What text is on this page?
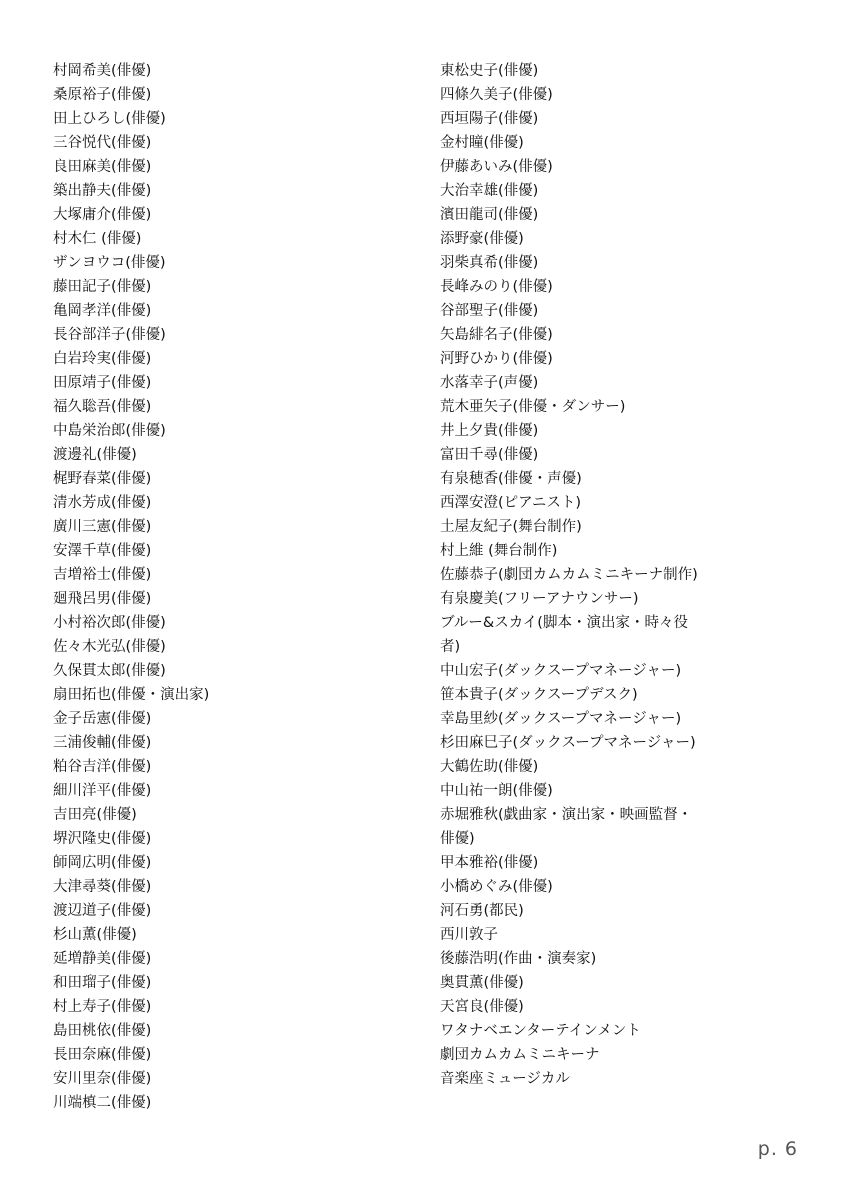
村岡希美(俳優)
桑原裕子(俳優)
田上ひろし(俳優)
三谷悦代(俳優)
良田麻美(俳優)
築出静夫(俳優)
大塚庸介(俳優)
村木仁 (俳優)
ザンヨウコ(俳優)
藤田記子(俳優)
亀岡孝洋(俳優)
長谷部洋子(俳優)
白岩玲実(俳優)
田原靖子(俳優)
福久聡吾(俳優)
中島栄治郎(俳優)
渡邊礼(俳優)
梶野春菜(俳優)
清水芳成(俳優)
廣川三憲(俳優)
安澤千草(俳優)
吉増裕士(俳優)
廻飛呂男(俳優)
小村裕次郎(俳優)
佐々木光弘(俳優)
久保貫太郎(俳優)
扇田拓也(俳優・演出家)
金子岳憲(俳優)
三浦俊輔(俳優)
粕谷吉洋(俳優)
細川洋平(俳優)
吉田亮(俳優)
堺沢隆史(俳優)
師岡広明(俳優)
大津尋葵(俳優)
渡辺道子(俳優)
杉山薫(俳優)
延増静美(俳優)
和田瑠子(俳優)
村上寿子(俳優)
島田桃依(俳優)
長田奈麻(俳優)
安川里奈(俳優)
川端槙二(俳優)
東松史子(俳優)
四條久美子(俳優)
西垣陽子(俳優)
金村瞳(俳優)
伊藤あいみ(俳優)
大治幸雄(俳優)
濱田龍司(俳優)
添野豪(俳優)
羽柴真希(俳優)
長峰みのり(俳優)
谷部聖子(俳優)
矢島緋名子(俳優)
河野ひかり(俳優)
水落幸子(声優)
荒木亜矢子(俳優・ダンサー)
井上夕貴(俳優)
富田千尋(俳優)
有泉穂香(俳優・声優)
西澤安澄(ピアニスト)
土屋友紀子(舞台制作)
村上維 (舞台制作)
佐藤恭子(劇団カムカムミニキーナ制作)
有泉慶美(フリーアナウンサー)
ブルー&スカイ(脚本・演出家・時々役者)
中山宏子(ダックスープマネージャー)
笹本貴子(ダックスープデスク)
幸島里紗(ダックスープマネージャー)
杉田麻巳子(ダックスープマネージャー)
大鶴佐助(俳優)
中山祐一朗(俳優)
赤堀雅秋(戯曲家・演出家・映画監督・俳優)
甲本雅裕(俳優)
小橋めぐみ(俳優)
河石勇(都民)
西川敦子
後藤浩明(作曲・演奏家)
奥貫薫(俳優)
天宮良(俳優)
ワタナベエンターテインメント
劇団カムカムミニキーナ
音楽座ミュージカル
p. 6
